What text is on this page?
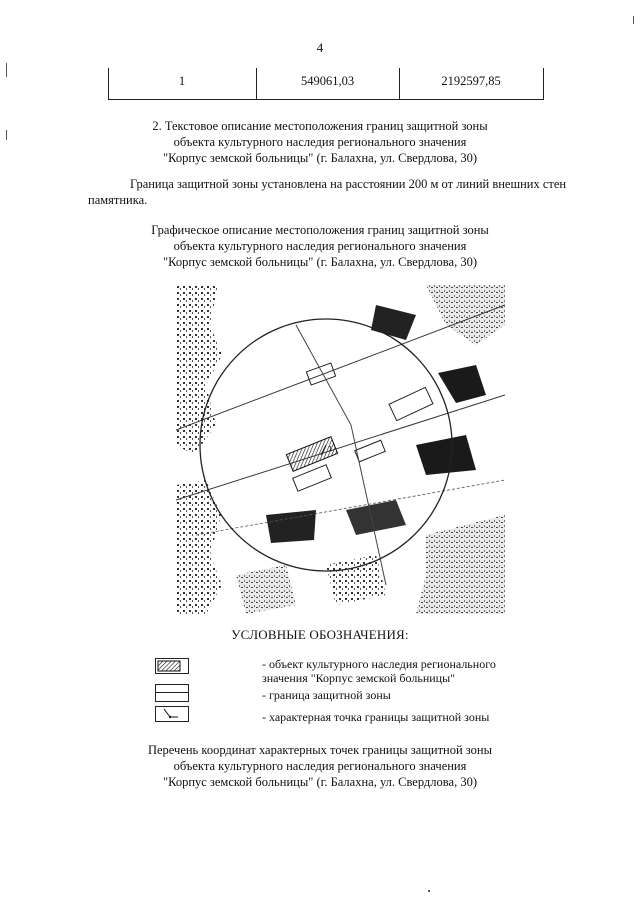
4
1	549061,03	2192597,85
2. Текстовое описание местоположения границ защитной зоны
объекта культурного наследия регионального значения
"Корпус земской больницы" (г. Балахна, ул. Свердлова, 30)
Граница защитной зоны установлена на расстоянии 200 м от линий внешних стен
памятника.
Графическое описание местоположения границ защитной зоны
объекта культурного наследия регионального значения
"Корпус земской больницы" (г. Балахна, ул. Свердлова, 30)
1
УСЛОВНЫЕ ОБОЗНАЧЕНИЯ:
- объект культурного наследия регионального
значения "Корпус земской больницы"
- граница защитной зоны
- характерная точка границы защитной зоны
Перечень координат характерных точек границы защитной зоны
объекта культурного наследия регионального значения
"Корпус земской больницы" (г. Балахна, ул. Свердлова, 30)
